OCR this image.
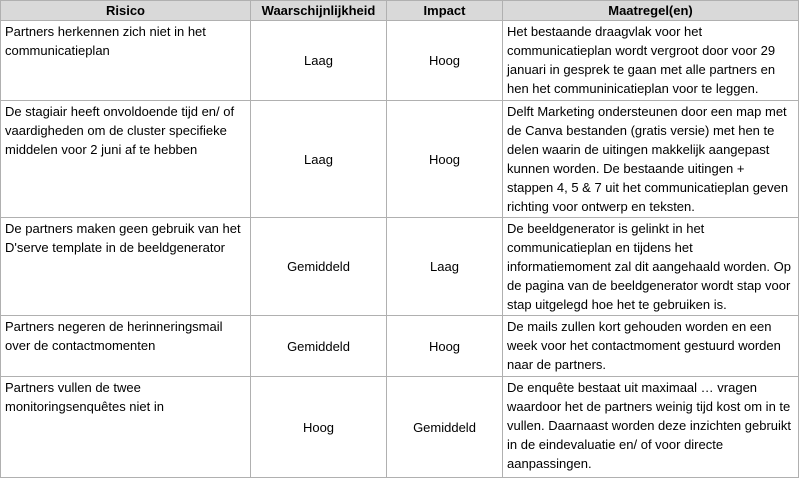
Risico	Waarschijnlijkheid	Impact	Maatregel(en)
Partners herkennen zich niet in het communicatieplan	Laag	Hoog	Het bestaande draagvlak voor het communicatieplan wordt vergroot door voor 29 januari in gesprek te gaan met alle partners en hen het communinicatieplan voor te leggen.
De stagiair heeft onvoldoende tijd en/ of vaardigheden om de cluster specifieke middelen voor 2 juni af te hebben	Laag	Hoog	Delft Marketing ondersteunen door een map met de Canva bestanden (gratis versie) met hen te delen waarin de uitingen makkelijk aangepast kunnen worden. De bestaande uitingen + stappen 4, 5 & 7 uit het communicatieplan geven richting voor ontwerp en teksten.
De partners maken geen gebruik van het D'serve template in de beeldgenerator	Gemiddeld	Laag	De beeldgenerator is gelinkt in het communicatieplan en tijdens het informatiemoment zal dit aangehaald worden. Op de pagina van de beeldgenerator wordt stap voor stap uitgelegd hoe het te gebruiken is.
Partners negeren de herinneringsmail over de contactmomenten	Gemiddeld	Hoog	De mails zullen kort gehouden worden en een week voor het contactmoment gestuurd worden naar de partners.
Partners vullen de twee monitoringsenquêtes niet in	Hoog	Gemiddeld	De enquête bestaat uit maximaal … vragen waardoor het de partners weinig tijd kost om in te vullen. Daarnaast worden deze inzichten gebruikt in de eindevaluatie en/ of voor directe aanpassingen.
